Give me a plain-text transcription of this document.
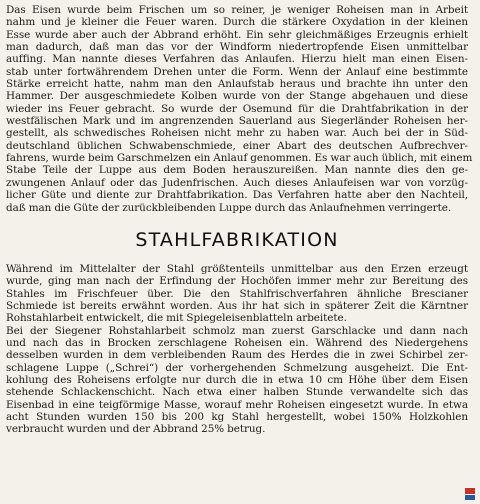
Das Eisen wurde beim Frischen um so reiner, je weniger Roheisen man in Arbeit
nahm und je kleiner die Feuer waren. Durch die stärkere Oxydation in der kleinen
Esse wurde aber auch der Abbrand erhöht. Ein sehr gleichmäßiges Erzeugnis erhielt
man dadurch, daß man das vor der Windform niedertropfende Eisen unmittelbar
auffing. Man nannte dieses Verfahren das Anlaufen. Hierzu hielt man einen Eisen-
stab unter fortwährendem Drehen unter die Form. Wenn der Anlauf eine bestimmte
Stärke erreicht hatte, nahm man den Anlaufstab heraus und brachte ihn unter den
Hammer. Der ausgeschmiedete Kolben wurde von der Stange abgehauen und diese
wieder ins Feuer gebracht. So wurde der Osemund für die Drahtfabrikation in der
westfälischen Mark und im angrenzenden Sauerland aus Siegerländer Roheisen her-
gestellt, als schwedisches Roheisen nicht mehr zu haben war. Auch bei der in Süd-
deutschland üblichen Schwabenschmiede, einer Abart des deutschen Aufbrechver-
fahrens, wurde beim Garschmelzen ein Anlauf genommen. Es war auch üblich, mit einem
Stabe Teile der Luppe aus dem Boden herauszureißen. Man nannte dies den ge-
zwungenen Anlauf oder das Judenfrischen. Auch dieses Anlaufeisen war von vorzüg-
licher Güte und diente zur Drahtfabrikation. Das Verfahren hatte aber den Nachteil,
daß man die Güte der zurückbleibenden Luppe durch das Anlaufnehmen verringerte.

STAHLFABRIKATION

Während im Mittelalter der Stahl größtenteils unmittelbar aus den Erzen erzeugt
wurde, ging man nach der Erfindung der Hochöfen immer mehr zur Bereitung des
Stahles im Frischfeuer über. Die den Stahlfrischverfahren ähnliche Brescianer
Schmiede ist bereits erwähnt worden. Aus ihr hat sich in späterer Zeit die Kärntner
Rohstahlarbeit entwickelt, die mit Spiegeleisenblatteln arbeitete.
Bei der Siegener Rohstahlarbeit schmolz man zuerst Garschlacke und dann nach
und nach das in Brocken zerschlagene Roheisen ein. Während des Niedergehens
desselben wurden in dem verbleibenden Raum des Herdes die in zwei Schirbel zer-
schlagene Luppe („Schrei“) der vorhergehenden Schmelzung ausgeheizt. Die Ent-
kohlung des Roheisens erfolgte nur durch die in etwa 10 cm Höhe über dem Eisen
stehende Schlackenschicht. Nach etwa einer halben Stunde verwandelte sich das
Eisenbad in eine teigförmige Masse, worauf mehr Roheisen eingesetzt wurde. In etwa
acht Stunden wurden 150 bis 200 kg Stahl hergestellt, wobei 150% Holzkohlen
verbraucht wurden und der Abbrand 25% betrug.
